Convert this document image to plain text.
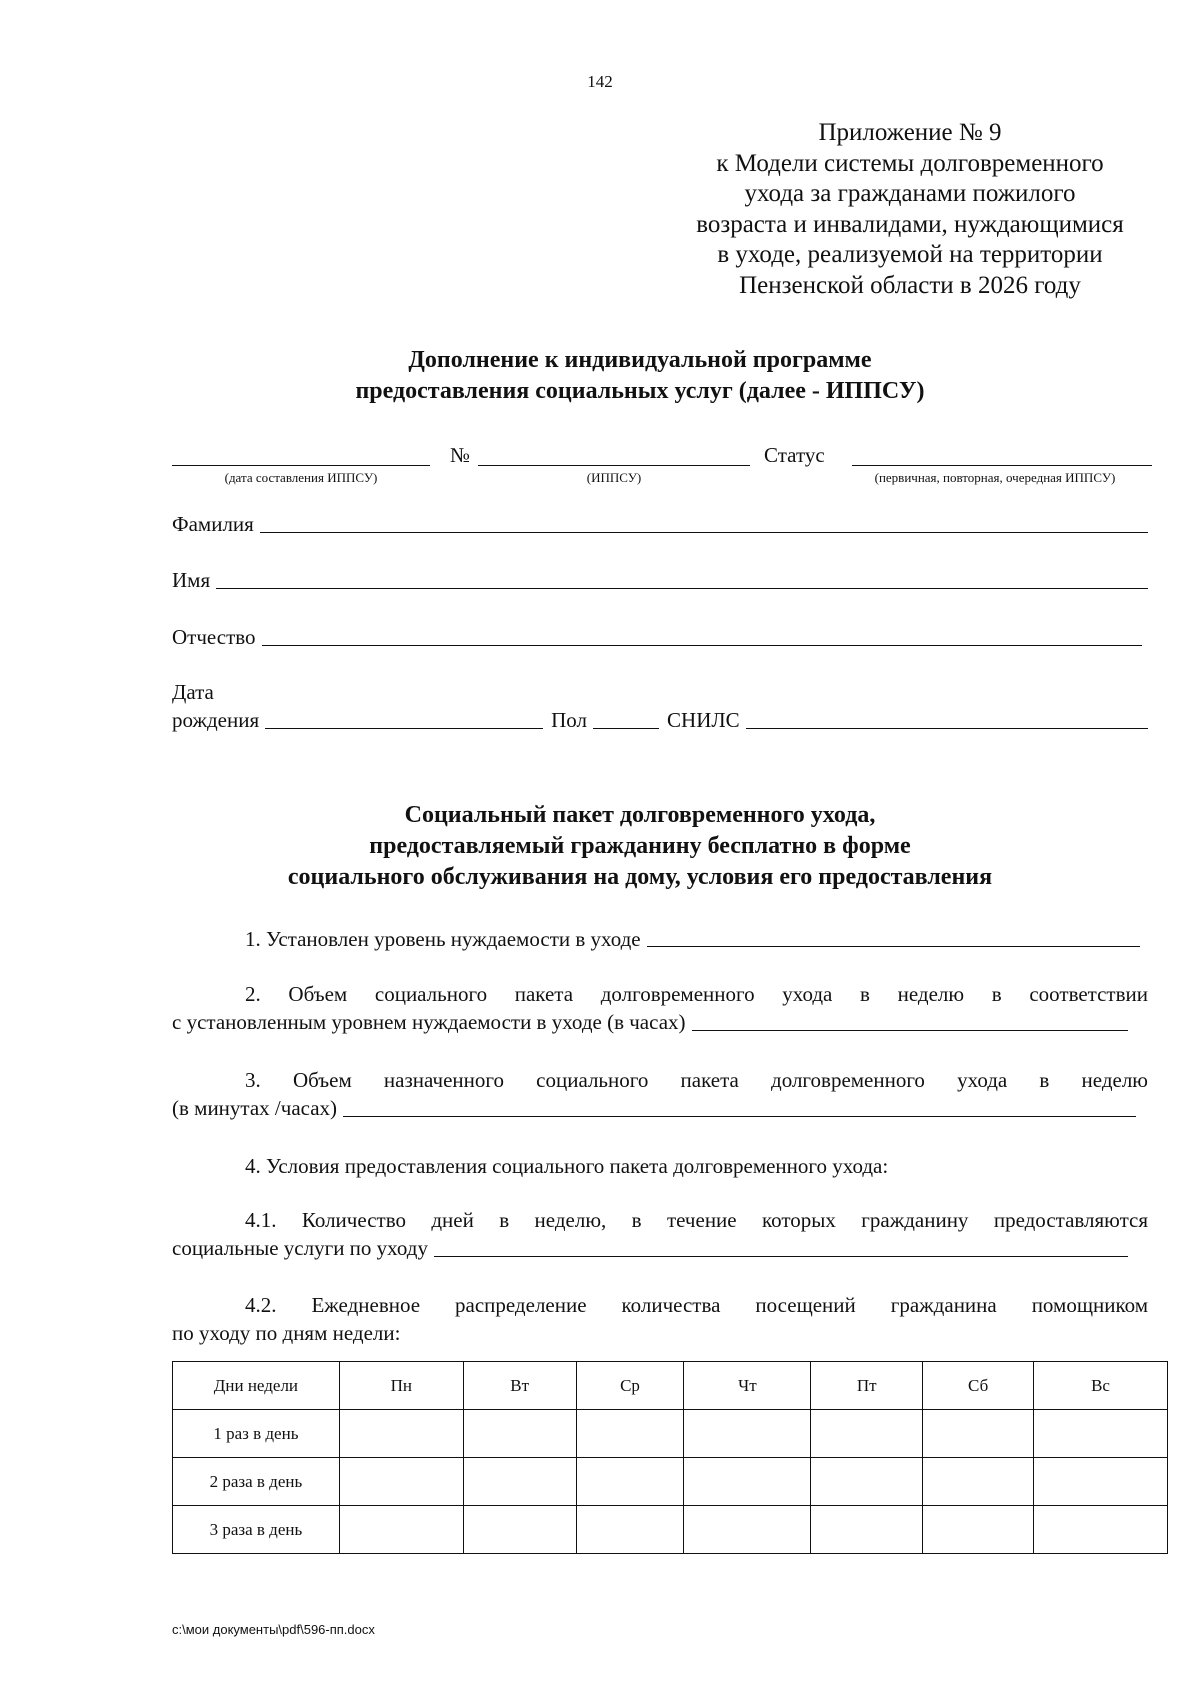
142
Приложение № 9
к Модели системы долговременного
ухода за гражданами пожилого
возраста и инвалидами, нуждающимися
в уходе, реализуемой на территории
Пензенской области в 2026 году
Дополнение к индивидуальной программе
предоставления социальных услуг (далее - ИППСУ)
№	Статус
(дата составления ИППСУ)	(ИППСУ)	(первичная, повторная, очередная ИППСУ)
Фамилия
Имя
Отчество
Дата
рождения	Пол	СНИЛС
Социальный пакет долговременного ухода,
предоставляемый гражданину бесплатно в форме
социального обслуживания на дому, условия его предоставления
1. Установлен уровень нуждаемости в уходе
2. Объем социального пакета долговременного ухода в неделю в соответствии
с установленным уровнем нуждаемости в уходе (в часах)
3. Объем назначенного социального пакета долговременного ухода в неделю
(в минутах /часах)
4. Условия предоставления социального пакета долговременного ухода:
4.1. Количество дней в неделю, в течение которых гражданину предоставляются
социальные услуги по уходу
4.2. Ежедневное распределение количества посещений гражданина помощником
по уходу по дням недели:
Дни недели	Пн	Вт	Ср	Чт	Пт	Сб	Вс
1 раз в день							
2 раза в день							
3 раза в день							
c:\мои документы\pdf\596-пп.docx
